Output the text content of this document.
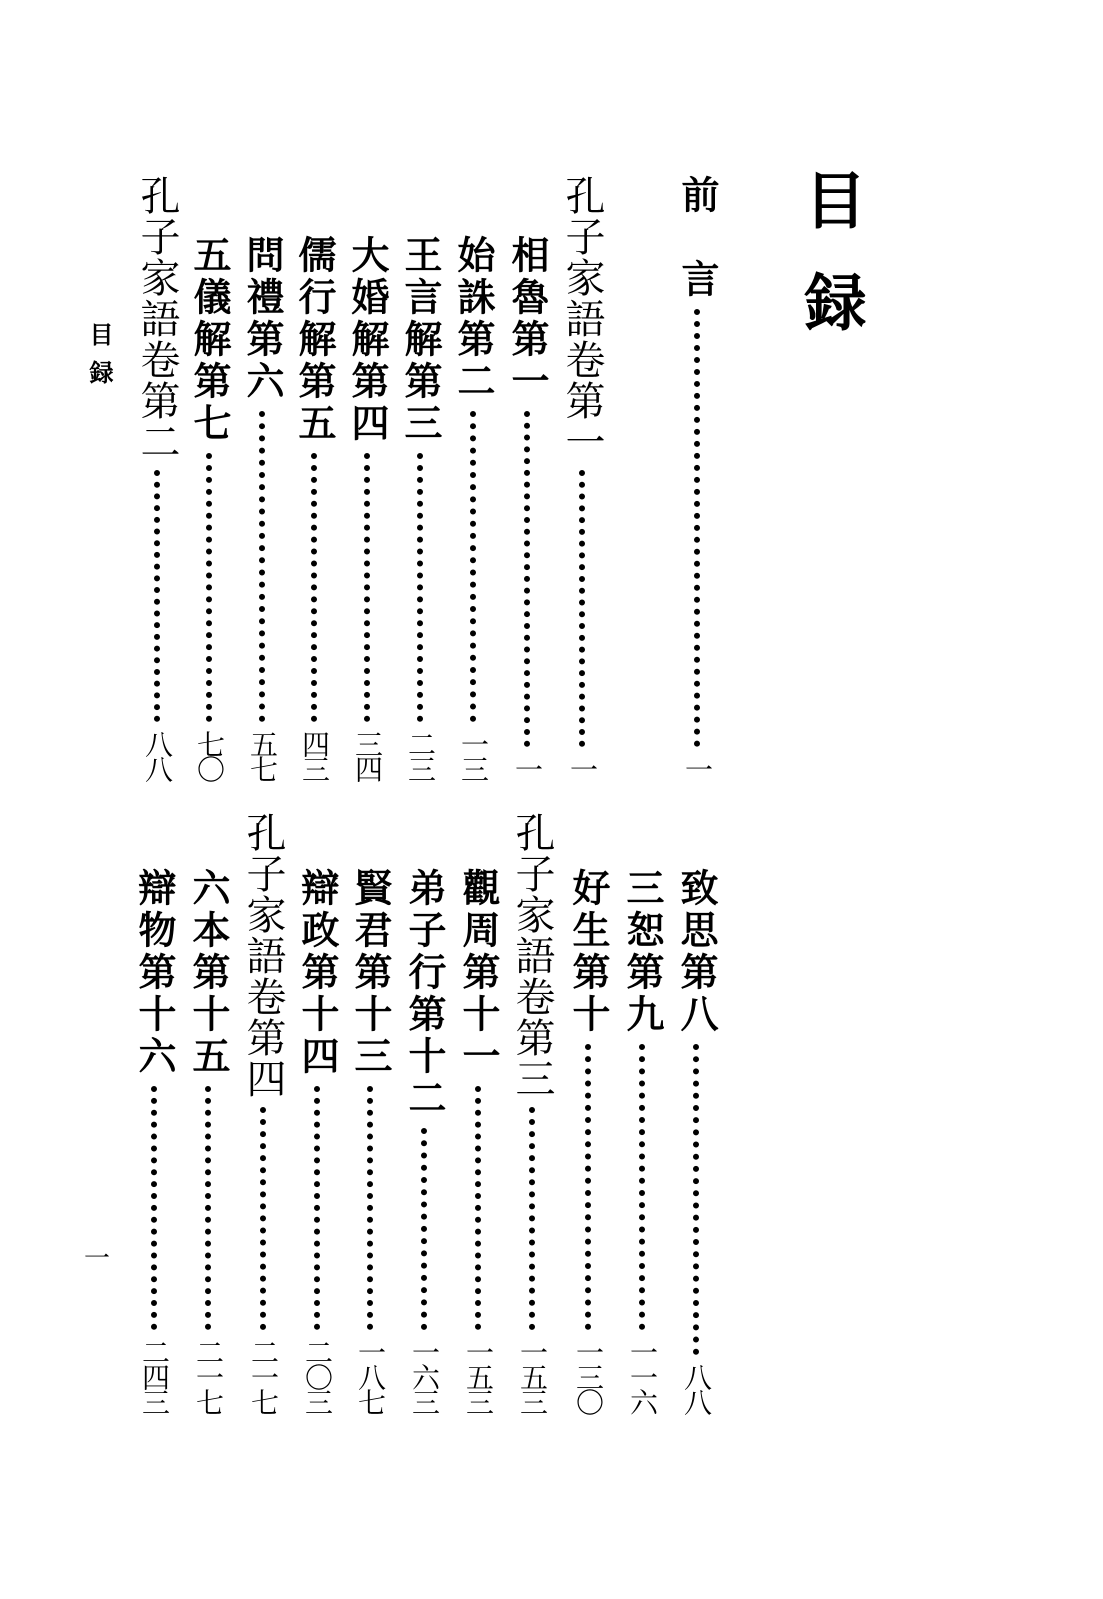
目録
目録
一
前　言
一
孔子家語卷第一
一
相魯第一
一
始誅第二
一三
王言解第三
二三
大婚解第四
三四
儒行解第五
四三
問禮第六
五七
五儀解第七
七〇
孔子家語卷第二
八八
致思第八
八八
三恕第九
一一六
好生第十
一三〇
孔子家語卷第三
一五三
觀周第十一
一五三
弟子行第十二
一六三
賢君第十三
一八七
辯政第十四
二〇三
孔子家語卷第四
二一七
六本第十五
二一七
辯物第十六
二四三
